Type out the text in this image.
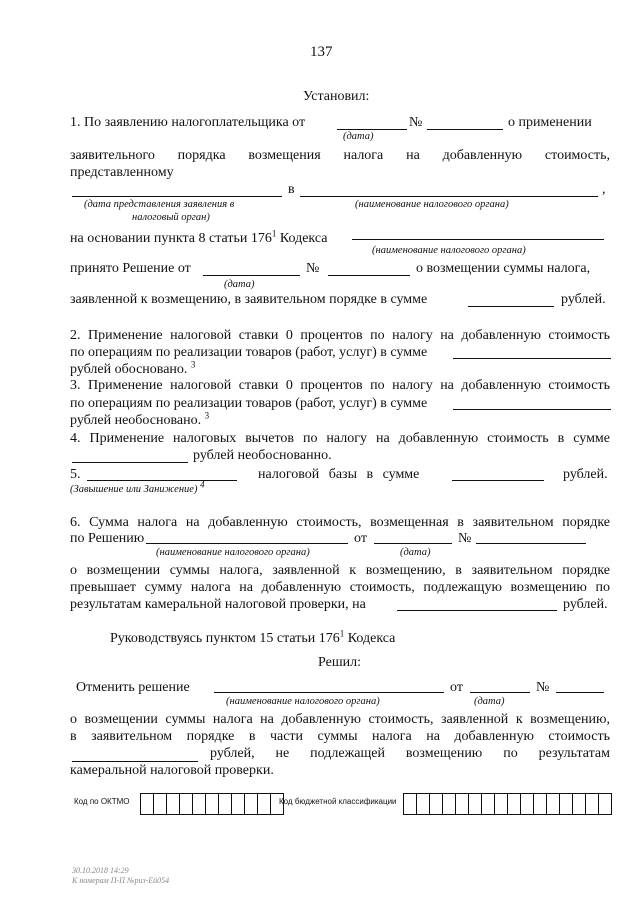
137
Установил:
1. По заявлению налогоплательщика от	№	о применении
(дата)
заявительного порядка возмещения налога на добавленную стоимость,
представленному
в	,
(дата представления заявления в
налоговый орган)
(наименование налогового органа)
на основании пункта 8 статьи $176^1$ Кодекса
(наименование налогового органа)
принято Решение от	№	о возмещении суммы налога,
(дата)
заявленной к возмещению, в заявительном порядке в сумме	рублей.
2. Применение налоговой ставки 0 процентов по налогу на добавленную стоимость
по операциям по реализации товаров (работ, услуг) в сумме
рублей обосновано. $^3$
3. Применение налоговой ставки 0 процентов по налогу на добавленную стоимость
по операциям по реализации товаров (работ, услуг) в сумме
рублей необосновано. $^3$
4. Применение налоговых вычетов по налогу на добавленную стоимость в сумме
рублей необоснованно.
5.	налоговой базы в сумме	рублей.
(Завышение или Занижение) $^4$
6. Сумма налога на добавленную стоимость, возмещенная в заявительном порядке
по Решению	от	№
(наименование налогового органа)	(дата)
о возмещении суммы налога, заявленной к возмещению, в заявительном порядке
превышает сумму налога на добавленную стоимость, подлежащую возмещению по
результатам камеральной налоговой проверки, на	рублей.
Руководствуясь пунктом 15 статьи $176^1$ Кодекса
Решил:
Отменить решение	от	№
(наименование налогового органа)	(дата)
о возмещении суммы налога на добавленную стоимость, заявленной к возмещению,
в заявительном порядке в части суммы налога на добавленную стоимость
рублей, не подлежащей возмещению по результатам
камеральной налоговой проверки.
Код по ОКТМО	Код бюджетной классификации
30.10.2018 14:29
К номерам П-П №риз-Ей054
